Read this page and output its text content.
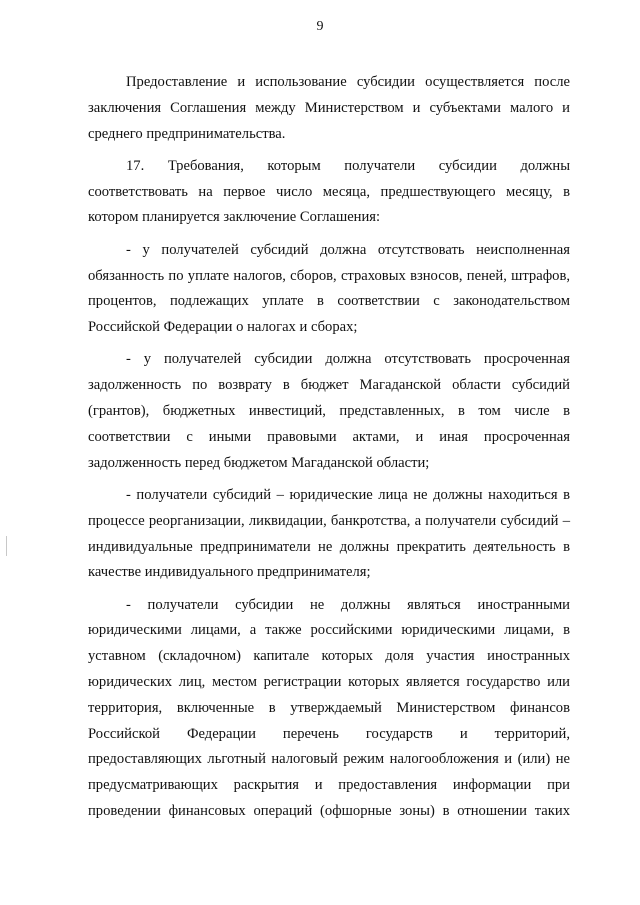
9

Предоставление и использование субсидии осуществляется после заключения Соглашения между Министерством и субъектами малого и среднего предпринимательства.

17. Требования, которым получатели субсидии должны соответствовать на первое число месяца, предшествующего месяцу, в котором планируется заключение Соглашения:

- у получателей субсидий должна отсутствовать неисполненная обязанность по уплате налогов, сборов, страховых взносов, пеней, штрафов, процентов, подлежащих уплате в соответствии с законодательством Российской Федерации о налогах и сборах;

- у получателей субсидии должна отсутствовать просроченная задолженность по возврату в бюджет Магаданской области субсидий (грантов), бюджетных инвестиций, представленных, в том числе в соответствии с иными правовыми актами, и иная просроченная задолженность перед бюджетом Магаданской области;

- получатели субсидий – юридические лица не должны находиться в процессе реорганизации, ликвидации, банкротства, а получатели субсидий – индивидуальные предприниматели не должны прекратить деятельность в качестве индивидуального предпринимателя;

- получатели субсидии не должны являться иностранными юридическими лицами, а также российскими юридическими лицами, в уставном (складочном) капитале которых доля участия иностранных юридических лиц, местом регистрации которых является государство или территория, включенные в утверждаемый Министерством финансов Российской Федерации перечень государств и территорий, предоставляющих льготный налоговый режим налогообложения и (или) не предусматривающих раскрытия и предоставления информации при проведении финансовых операций (офшорные зоны) в отношении таких
